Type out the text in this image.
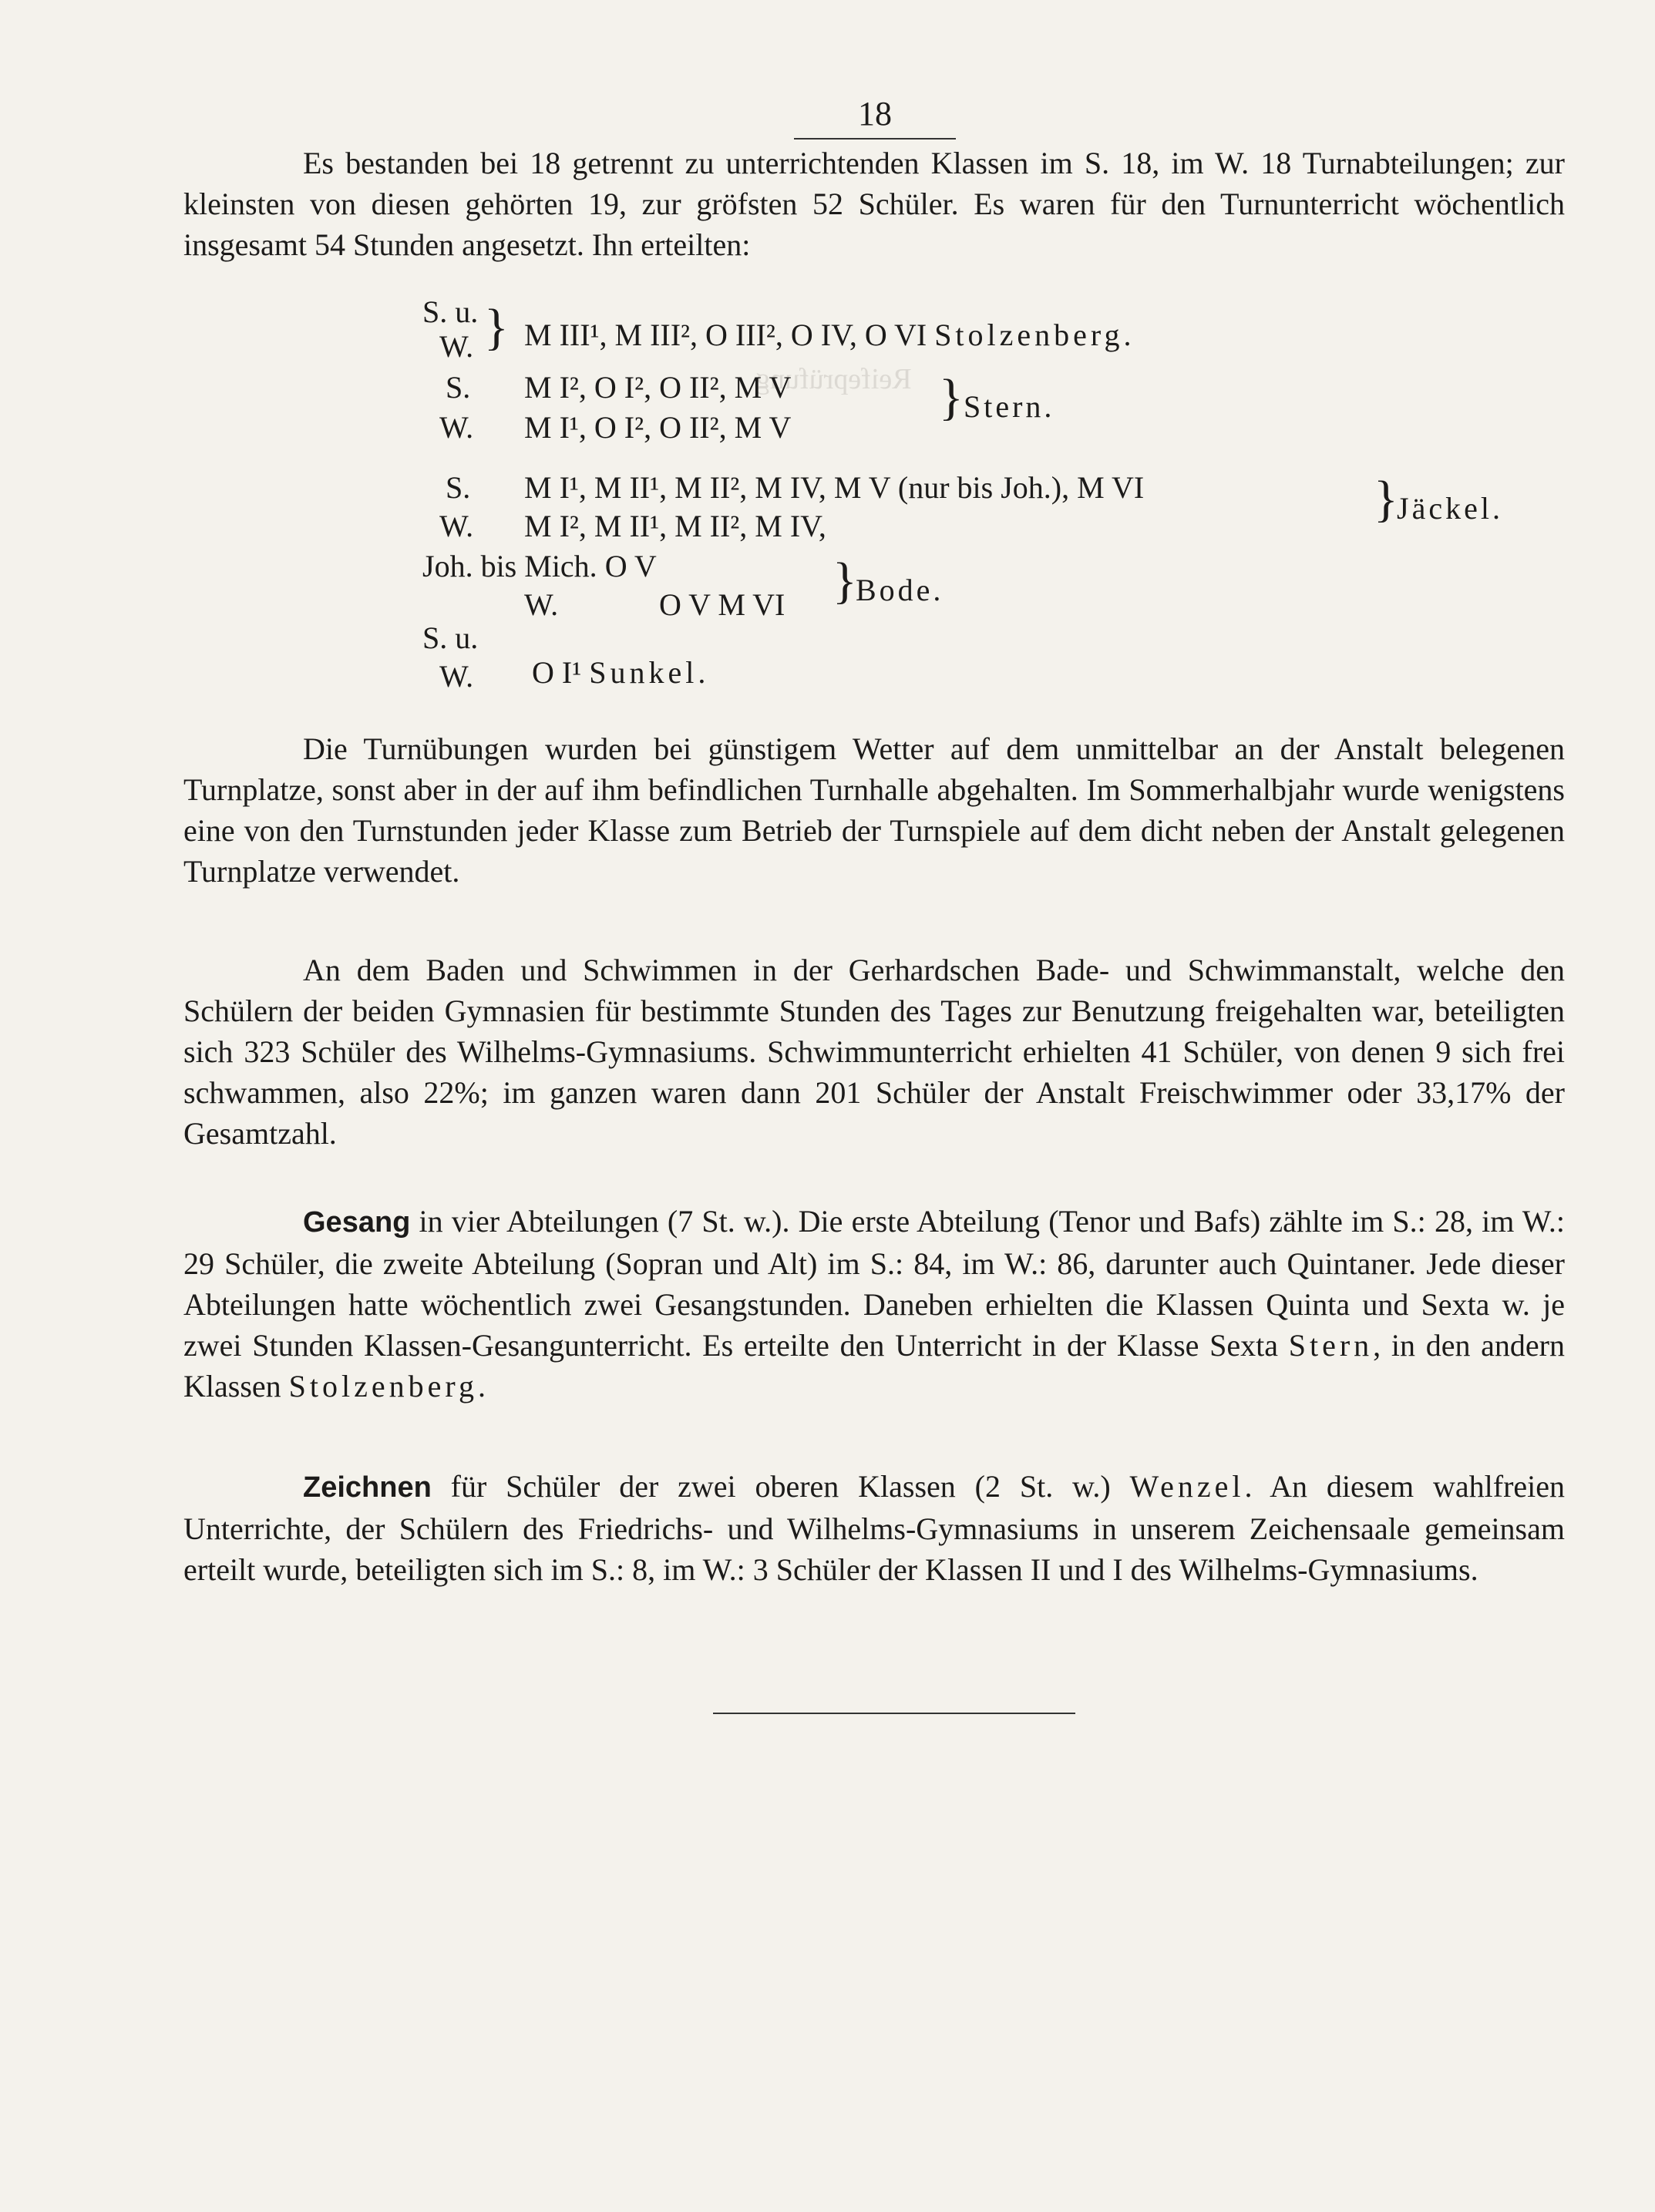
Reifeprüfung
18

Es bestanden bei 18 getrennt zu unterrichtenden Klassen im S. 18, im W. 18 Turnabteilungen; zur kleinsten von diesen gehörten 19, zur gröfsten 52 Schüler. Es waren für den Turnunterricht wöchentlich insgesamt 54 Stunden angesetzt. Ihn erteilten:

S. u.
W. } M III¹, M III², O III², O IV, O VI Stolzenberg.
S. M I², O I², O II², M V
W. M I¹, O I², O II², M V
} Stern.
S. M I¹, M II¹, M II², M IV, M V (nur bis Joh.), M VI
W. M I², M II¹, M II², M IV,	}
Jäckel.
Joh. bis Mich. O V
W.	O V M VI }
Bode.
S. u.
W. O I¹ Sunkel.

Die Turnübungen wurden bei günstigem Wetter auf dem unmittelbar an der Anstalt belegenen Turnplatze, sonst aber in der auf ihm befindlichen Turnhalle abgehalten. Im Sommerhalbjahr wurde wenigstens eine von den Turnstunden jeder Klasse zum Betrieb der Turnspiele auf dem dicht neben der Anstalt gelegenen Turnplatze verwendet.

An dem Baden und Schwimmen in der Gerhardschen Bade- und Schwimmanstalt, welche den Schülern der beiden Gymnasien für bestimmte Stunden des Tages zur Benutzung freigehalten war, beteiligten sich 323 Schüler des Wilhelms-Gymnasiums. Schwimmunterricht erhielten 41 Schüler, von denen 9 sich frei schwammen, also 22%; im ganzen waren dann 201 Schüler der Anstalt Freischwimmer oder 33,17% der Gesamtzahl.

Gesang in vier Abteilungen (7 St. w.). Die erste Abteilung (Tenor und Bafs) zählte im S.: 28, im W.: 29 Schüler, die zweite Abteilung (Sopran und Alt) im S.: 84, im W.: 86, darunter auch Quintaner. Jede dieser Abteilungen hatte wöchentlich zwei Gesangstunden. Daneben erhielten die Klassen Quinta und Sexta w. je zwei Stunden Klassen-Gesangunterricht. Es erteilte den Unterricht in der Klasse Sexta Stern, in den andern Klassen Stolzenberg.

Zeichnen für Schüler der zwei oberen Klassen (2 St. w.) Wenzel. An diesem wahlfreien Unterrichte, der Schülern des Friedrichs- und Wilhelms-Gymnasiums in unserem Zeichensaale gemeinsam erteilt wurde, beteiligten sich im S.: 8, im W.: 3 Schüler der Klassen II und I des Wilhelms-Gymnasiums.
